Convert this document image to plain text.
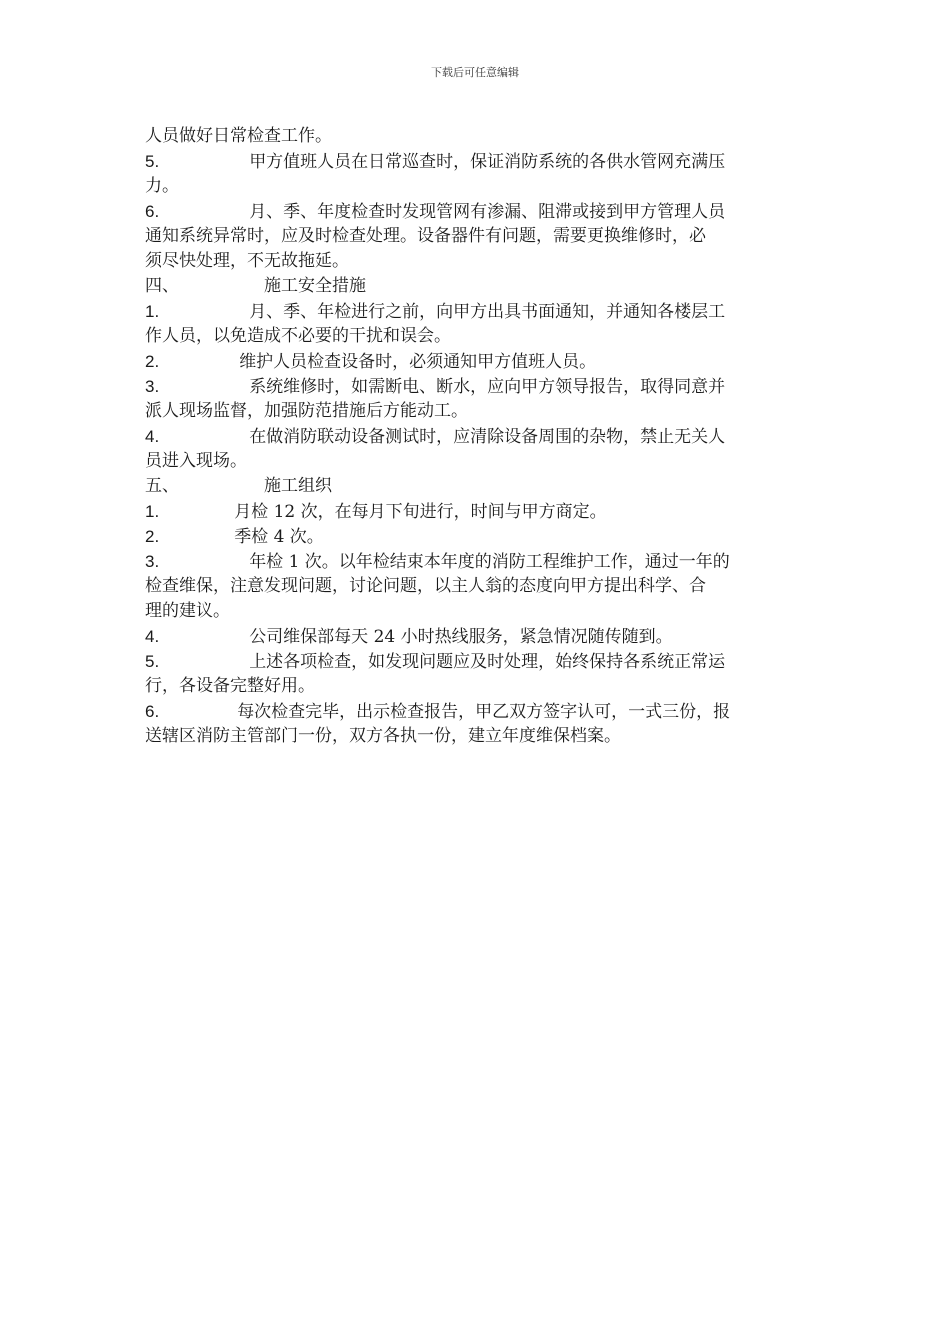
下载后可任意编辑
人员做好日常检查工作。
5.	甲方值班人员在日常巡查时，保证消防系统的各供水管网充满压
力。
6.	月、季、年度检查时发现管网有渗漏、阻滞或接到甲方管理人员
通知系统异常时，应及时检查处理。设备器件有问题，需要更换维修时，必
须尽快处理，不无故拖延。
四、	施工安全措施
1.	月、季、年检进行之前，向甲方出具书面通知，并通知各楼层工
作人员，以免造成不必要的干扰和误会。
2.	维护人员检查设备时，必须通知甲方值班人员。
3.	系统维修时，如需断电、断水，应向甲方领导报告，取得同意并
派人现场监督，加强防范措施后方能动工。
4.	在做消防联动设备测试时，应清除设备周围的杂物，禁止无关人
员进入现场。
五、	施工组织
1.	月检 12 次，在每月下旬进行，时间与甲方商定。
2.	季检 4 次。
3.	年检 1 次。以年检结束本年度的消防工程维护工作，通过一年的
检查维保，注意发现问题，讨论问题，以主人翁的态度向甲方提出科学、合
理的建议。
4.	公司维保部每天 24 小时热线服务，紧急情况随传随到。
5.	上述各项检查，如发现问题应及时处理，始终保持各系统正常运
行，各设备完整好用。
6.	每次检查完毕，出示检查报告，甲乙双方签字认可，一式三份，报
送辖区消防主管部门一份，双方各执一份，建立年度维保档案。
